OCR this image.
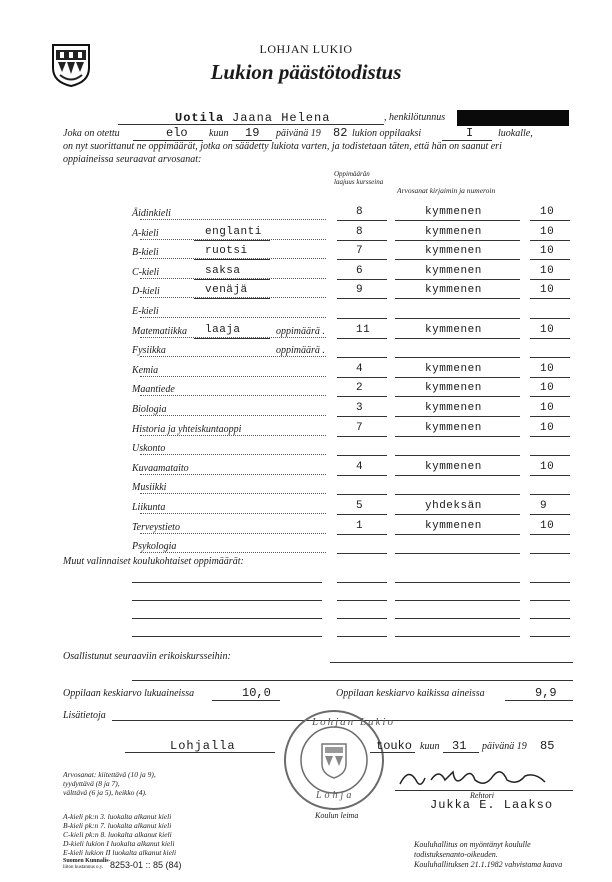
LOHJAN LUKIO
Lukion päästötodistus
Uotila Jaana Helena	, henkilötunnus
Joka on otettu	elo kuun 19 päivänä 19 82 lukion oppilaaksi	I luokalle,
on nyt suorittanut ne oppimäärät, jotka on säädetty lukiota varten, ja todistetaan täten, että hän on saanut eri
oppiaineissa seuraavat arvosanat:
Oppimäärän laajuus kursseina
Arvosanat kirjaimin ja numeroin
Äidinkieli	8	kymmenen	10
A-kieli	englanti	8	kymmenen	10
B-kieli	ruotsi	7	kymmenen	10
C-kieli	saksa	6	kymmenen	10
D-kieli	venäjä	9	kymmenen	10
E-kieli
Matematiikka laaja	oppimäärä .	11	kymmenen	10
Fysiikka	oppimäärä .
Kemia	4	kymmenen	10
Maantiede	2	kymmenen	10
Biologia	3	kymmenen	10
Historia ja yhteiskuntaoppi	7	kymmenen	10
Uskonto
Kuvaamataito	4	kymmenen	10
Musiikki
Liikunta	5	yhdeksän	9
Terveystieto	1	kymmenen	10
Psykologia
Muut valinnaiset koulukohtaiset oppimäärät:
Osallistunut seuraaviin erikoiskursseihin:
Oppilaan keskiarvo lukuaineissa	10,0	Oppilaan keskiarvo kaikissa aineissa	9,9
Lisätietoja
Lohjan Lukio
Lohja
Lohjalla	touko kuun 31 päivänä 19 85
Rehtori
Jukka E. Laakso
Koulun leima
Arvosanat: kiitettävä (10 ja 9),
tyydyttävä (8 ja 7),
välttävä (6 ja 5), heikko (4).
A-kieli pk:n 3. luokalta alkanut kieli
B-kieli pk:n 7. luokalta alkanut kieli
C-kieli pk:n 8. luokalta alkanut kieli
D-kieli lukion I luokalta alkanut kieli
E-kieli lukion II luokalta alkanut kieli
Suomen Kunnalis-
liiton kustannus o.y. 8253-01 :: 85 (84)
Kouluhallitus on myöntänyt koululle
todistuksenanto-oikeuden.
Kouluhallituksen 21.1.1982 vahvistama kaava
